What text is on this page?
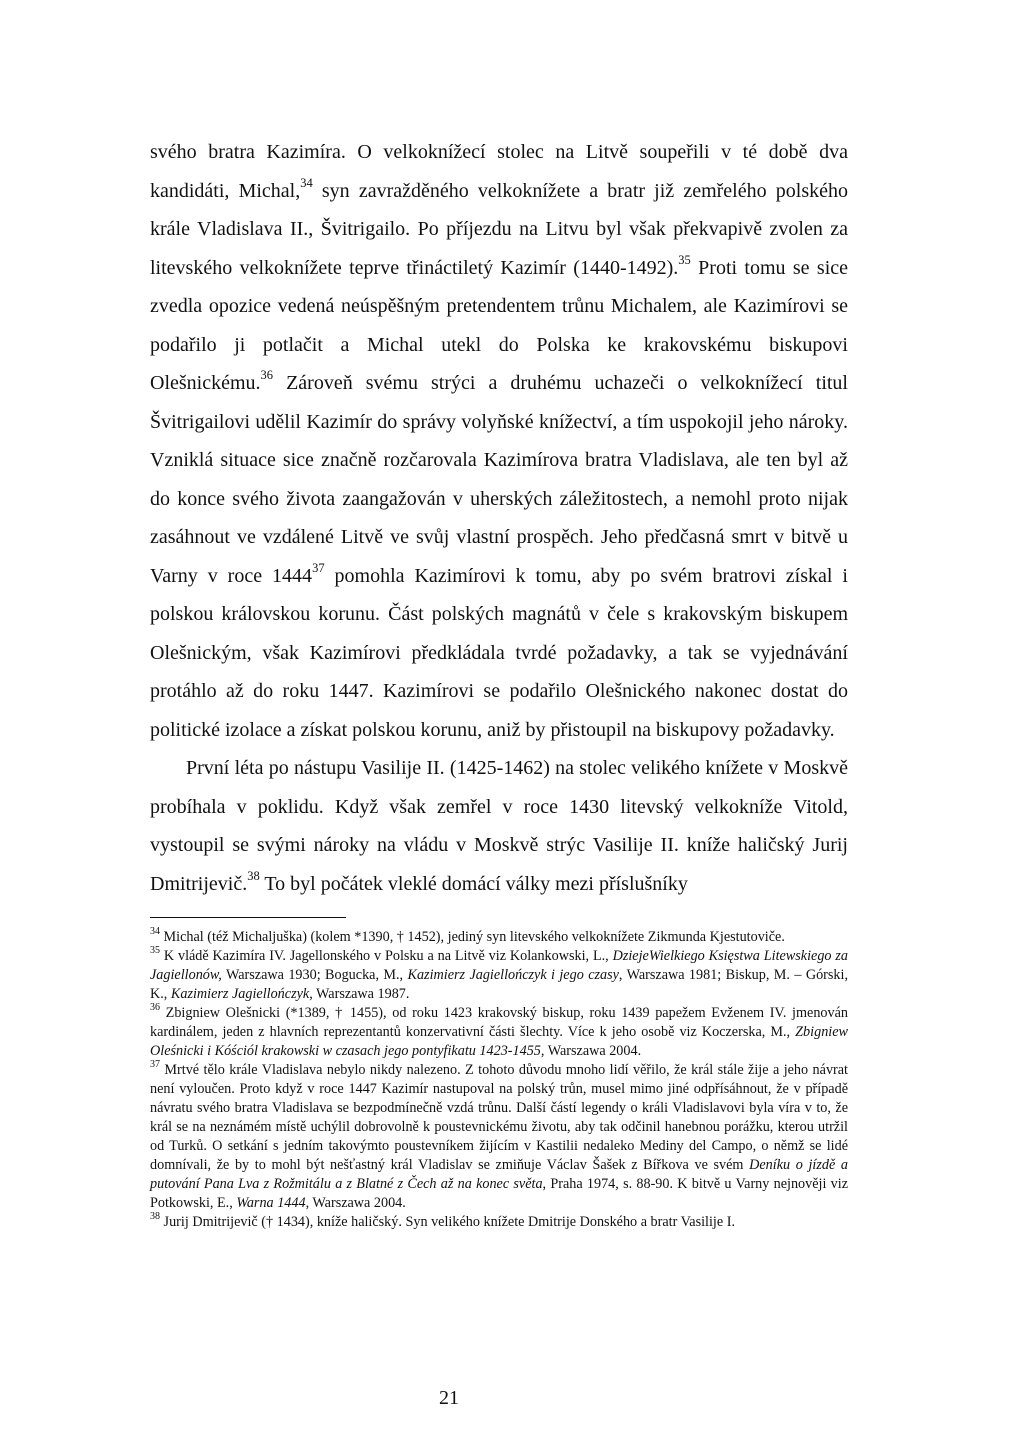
svého bratra Kazimíra. O velkoknížecí stolec na Litvě soupeřili v té době dva kandidáti, Michal,$^{34}$ syn zavražděného velkoknížete a bratr již zemřelého polského krále Vladislava II., Švitrigailo. Po příjezdu na Litvu byl však překvapivě zvolen za litevského velkoknížete teprve třináctiletý Kazimír (1440-1492).$^{35}$ Proti tomu se sice zvedla opozice vedená neúspěšným pretendentem trůnu Michalem, ale Kazimírovi se podařilo ji potlačit a Michal utekl do Polska ke krakovskému biskupovi Olešnickému.$^{36}$ Zároveň svému strýci a druhému uchazeči o velkoknížecí titul Švitrigailovi udělil Kazimír do správy volyňské knížectví, a tím uspokojil jeho nároky. Vzniklá situace sice značně rozčarovala Kazimírova bratra Vladislava, ale ten byl až do konce svého života zaangažován v uherských záležitostech, a nemohl proto nijak zasáhnout ve vzdálené Litvě ve svůj vlastní prospěch. Jeho předčasná smrt v bitvě u Varny v roce 1444$^{37}$ pomohla Kazimírovi k tomu, aby po svém bratrovi získal i polskou královskou korunu. Část polských magnátů v čele s krakovským biskupem Olešnickým, však Kazimírovi předkládala tvrdé požadavky, a tak se vyjednávání protáhlo až do roku 1447. Kazimírovi se podařilo Olešnického nakonec dostat do politické izolace a získat polskou korunu, aniž by přistoupil na biskupovy požadavky.

První léta po nástupu Vasilije II. (1425-1462) na stolec velikého knížete v Moskvě probíhala v poklidu. Když však zemřel v roce 1430 litevský velkokníže Vitold, vystoupil se svými nároky na vládu v Moskvě strýc Vasilije II. kníže haličský Jurij Dmitrijevič.$^{38}$ To byl počátek vleklé domácí války mezi příslušníky

$^{34}$ Michal (též Michaljuška) (kolem *1390, † 1452), jediný syn litevského velkoknížete Zikmunda Kjestutoviče.

$^{35}$ K vládě Kazimíra IV. Jagellonského v Polsku a na Litvě viz Kolankowski, L., DziejeWielkiego Księstwa Litewskiego za Jagiellonów, Warszawa 1930; Bogucka, M., Kazimierz Jagiellończyk i jego czasy, Warszawa 1981; Biskup, M. – Górski, K., Kazimierz Jagiellończyk, Warszawa 1987.

$^{36}$ Zbigniew Olešnicki (*1389, † 1455), od roku 1423 krakovský biskup, roku 1439 papežem Evženem IV. jmenován kardinálem, jeden z hlavních reprezentantů konzervativní části šlechty. Více k jeho osobě viz Koczerska, M., Zbigniew Oleśnicki i Kóściól krakowski w czasach jego pontyfikatu 1423-1455, Warszawa 2004.

$^{37}$ Mrtvé tělo krále Vladislava nebylo nikdy nalezeno. Z tohoto důvodu mnoho lidí věřilo, že král stále žije a jeho návrat není vyloučen. Proto když v roce 1447 Kazimír nastupoval na polský trůn, musel mimo jiné odpřísáhnout, že v případě návratu svého bratra Vladislava se bezpodmínečně vzdá trůnu. Další částí legendy o králi Vladislavovi byla víra v to, že král se na neznámém místě uchýlil dobrovolně k poustevnickému životu, aby tak odčinil hanebnou porážku, kterou utržil od Turků. O setkání s jedním takovýmto poustevníkem žijícím v Kastilii nedaleko Mediny del Campo, o němž se lidé domnívali, že by to mohl být nešťastný král Vladislav se zmiňuje Václav Šašek z Bířkova ve svém Deníku o jízdě a putování Pana Lva z Rožmitálu a z Blatné z Čech až na konec světa, Praha 1974, s. 88-90. K bitvě u Varny nejnověji viz Potkowski, E., Warna 1444, Warszawa 2004.

$^{38}$ Jurij Dmitrijevič († 1434), kníže haličský. Syn velikého knížete Dmitrije Donského a bratr Vasilije I.

21
